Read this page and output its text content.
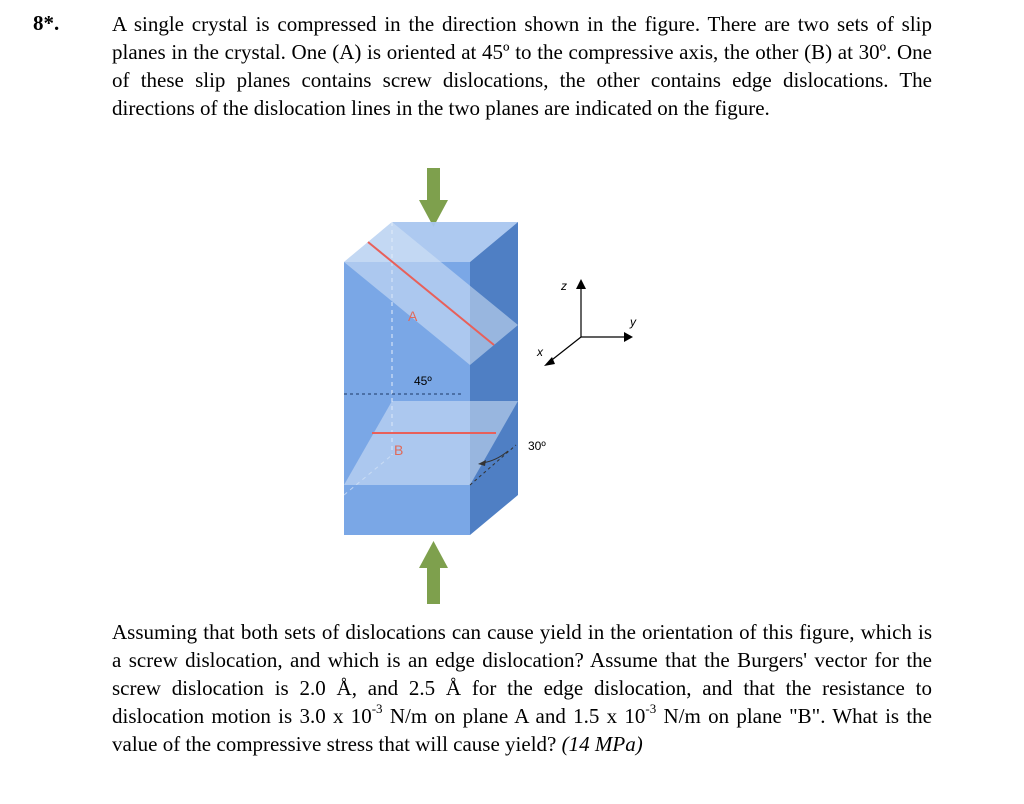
8*.	A single crystal is compressed in the direction shown in the figure. There are two sets of slip planes in the crystal. One (A) is oriented at 45º to the compressive axis, the other (B) at 30º. One of these slip planes contains screw dislocations, the other contains edge dislocations. The directions of the dislocation lines in the two planes are indicated on the figure.
A
45º
B	30º
z
y
x
Assuming that both sets of dislocations can cause yield in the orientation of this figure, which is a screw dislocation, and which is an edge dislocation? Assume that the Burgers' vector for the screw dislocation is 2.0 Å, and 2.5 Å for the edge dislocation, and that the resistance to dislocation motion is 3.0 x $10^{-3}$ N/m on plane A and 1.5 x $10^{-3}$ N/m on plane "B". What is the value of the compressive stress that will cause yield? (14 MPa)
